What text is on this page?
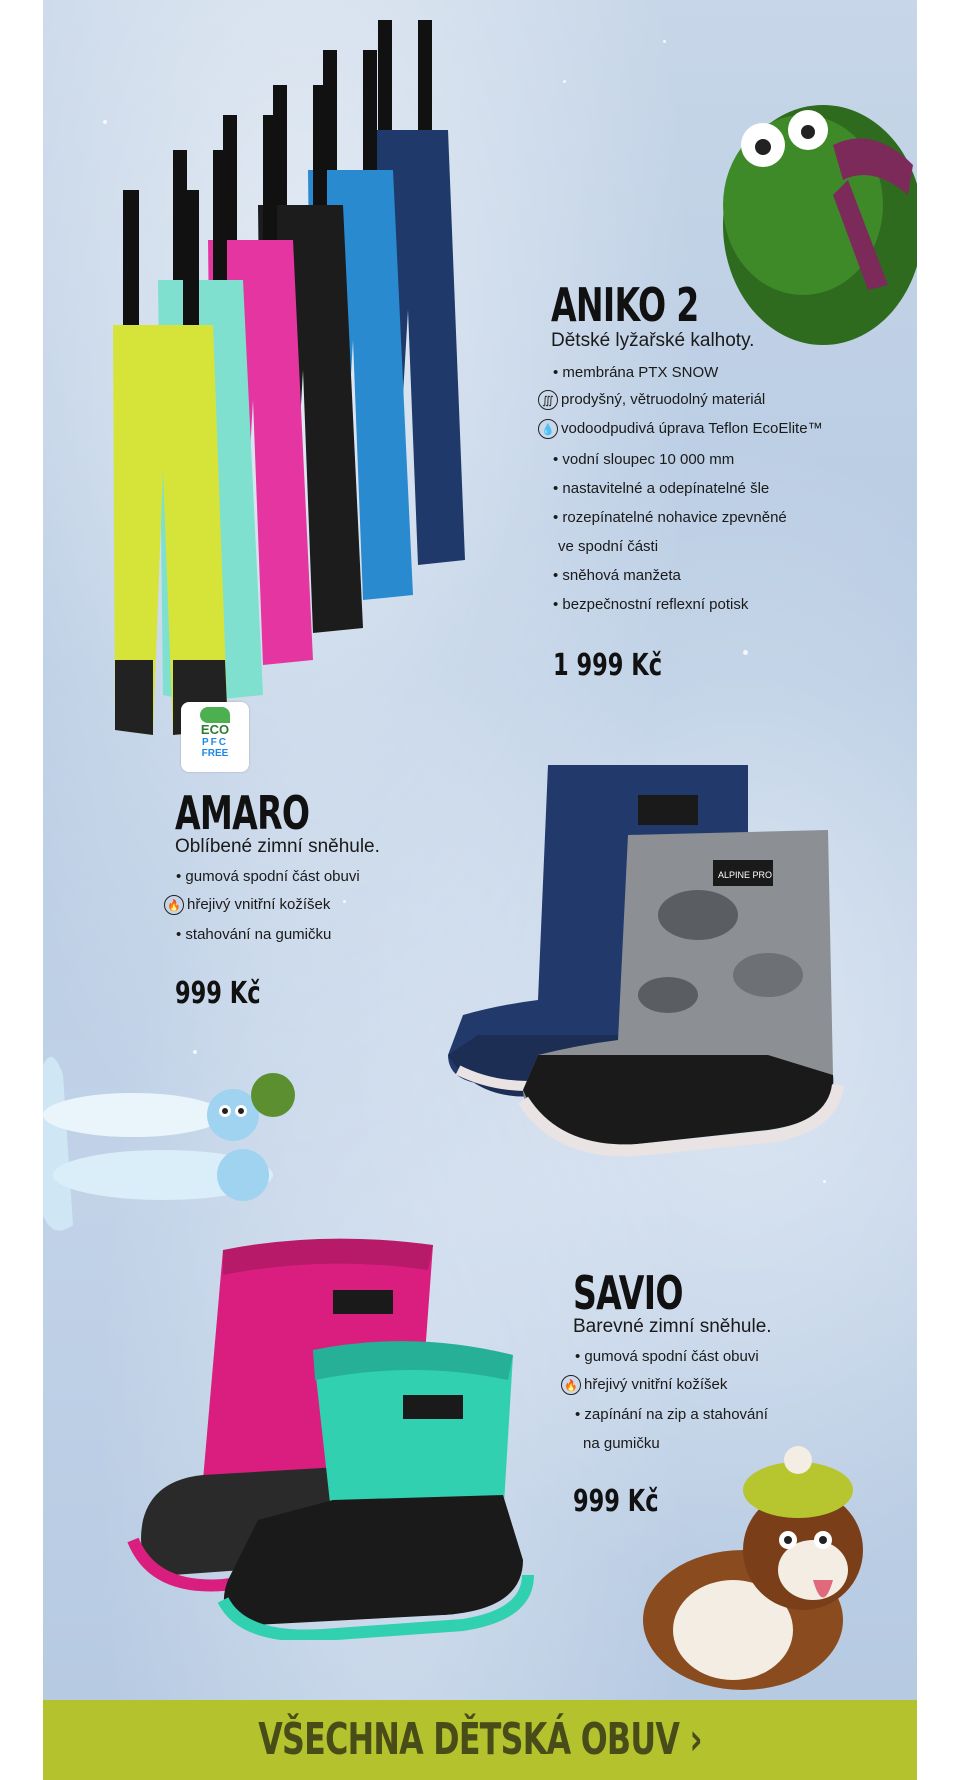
ECO
PFC
FREE
ALPINE PRO
ANIKO 2
Dětské lyžařské kalhoty.
• membrána PTX SNOW
∭ prodyšný, větruodolný materiál
💧 vodoodpudivá úprava Teflon EcoElite™
• vodní sloupec 10 000 mm
• nastavitelné a odepínatelné šle
• rozepínatelné nohavice zpevněné
ve spodní části
• sněhová manžeta
• bezpečnostní reflexní potisk
1 999 Kč
AMARO
Oblíbené zimní sněhule.
• gumová spodní část obuvi
🔥 hřejivý vnitřní kožíšek
• stahování na gumičku
999 Kč
SAVIO
Barevné zimní sněhule.
• gumová spodní část obuvi
🔥 hřejivý vnitřní kožíšek
• zapínání na zip a stahování
na gumičku
999 Kč
VŠECHNA DĚTSKÁ OBUV ›
